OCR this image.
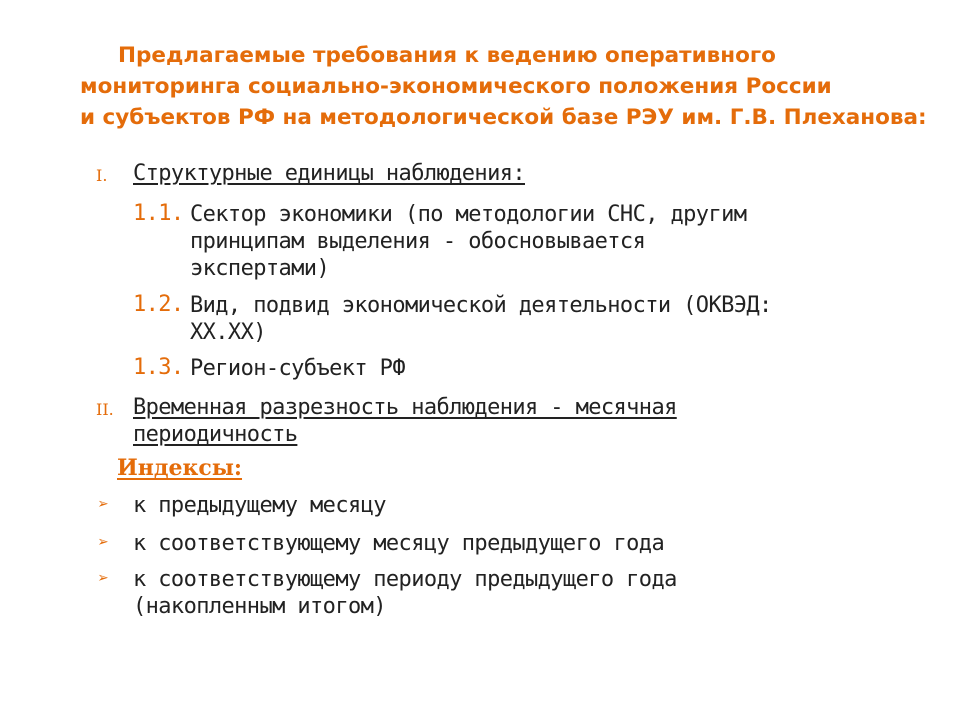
Предлагаемые требования к ведению оперативного
мониторинга социально-экономического положения России
и субъектов РФ на методологической базе РЭУ им. Г.В. Плеханова:
I. Структурные единицы наблюдения:
1.1. Сектор экономики (по методологии СНС, другим
принципам выделения - обосновывается
экспертами)
1.2. Вид, подвид экономической деятельности (ОКВЭД:
ХХ.ХХ)
1.3. Регион-субъект РФ
II. Временная разрезность наблюдения - месячная
периодичность
Индексы:
➢ к предыдущему месяцу
➢ к соответствующему месяцу предыдущего года
➢ к соответствующему периоду предыдущего года
(накопленным итогом)
